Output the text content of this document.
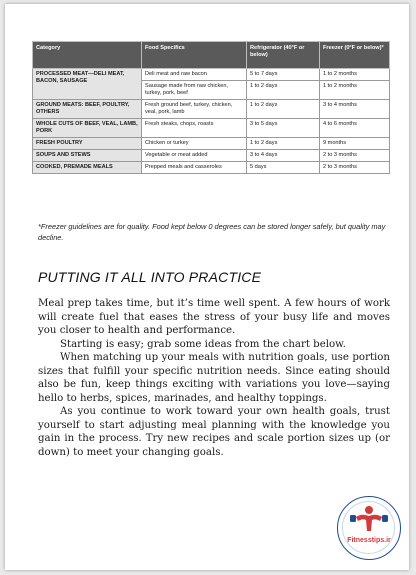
Category	Food Specifics	Refrigerator (40°F or below)	Freezer (0°F or below)*
PROCESSED MEAT—DELI MEAT, BACON, SAUSAGE	Deli meat and raw bacon	5 to 7 days	1 to 2 months
	Sausage made from raw chicken, turkey, pork, beef	1 to 2 days	1 to 2 months
GROUND MEATS: BEEF, POULTRY, OTHERS	Fresh ground beef, turkey, chicken, veal, pork, lamb	1 to 2 days	3 to 4 months
WHOLE CUTS OF BEEF, VEAL, LAMB, PORK	Fresh steaks, chops, roasts	3 to 5 days	4 to 6 months
FRESH POULTRY	Chicken or turkey	1 to 2 days	9 months
SOUPS AND STEWS	Vegetable or meat added	3 to 4 days	2 to 3 months
COOKED, PREMADE MEALS	Prepped meals and casseroles	5 days	2 to 3 months
*Freezer guidelines are for quality. Food kept below 0 degrees can be stored longer safely, but quality may decline.
PUTTING IT ALL INTO PRACTICE

Meal prep takes time, but it’s time well spent. A few hours of work will create fuel that eases the stress of your busy life and moves you closer to health and performance.

Starting is easy; grab some ideas from the chart below.

When matching up your meals with nutrition goals, use portion sizes that fulfill your specific nutrition needs. Since eating should also be fun, keep things exciting with variations you love—saying hello to herbs, spices, marinades, and healthy toppings.

As you continue to work toward your own health goals, trust yourself to start adjusting meal planning with the knowledge you gain in the process. Try new recipes and scale portion sizes up (or down) to meet your changing goals.

Fitnesstips.ir
